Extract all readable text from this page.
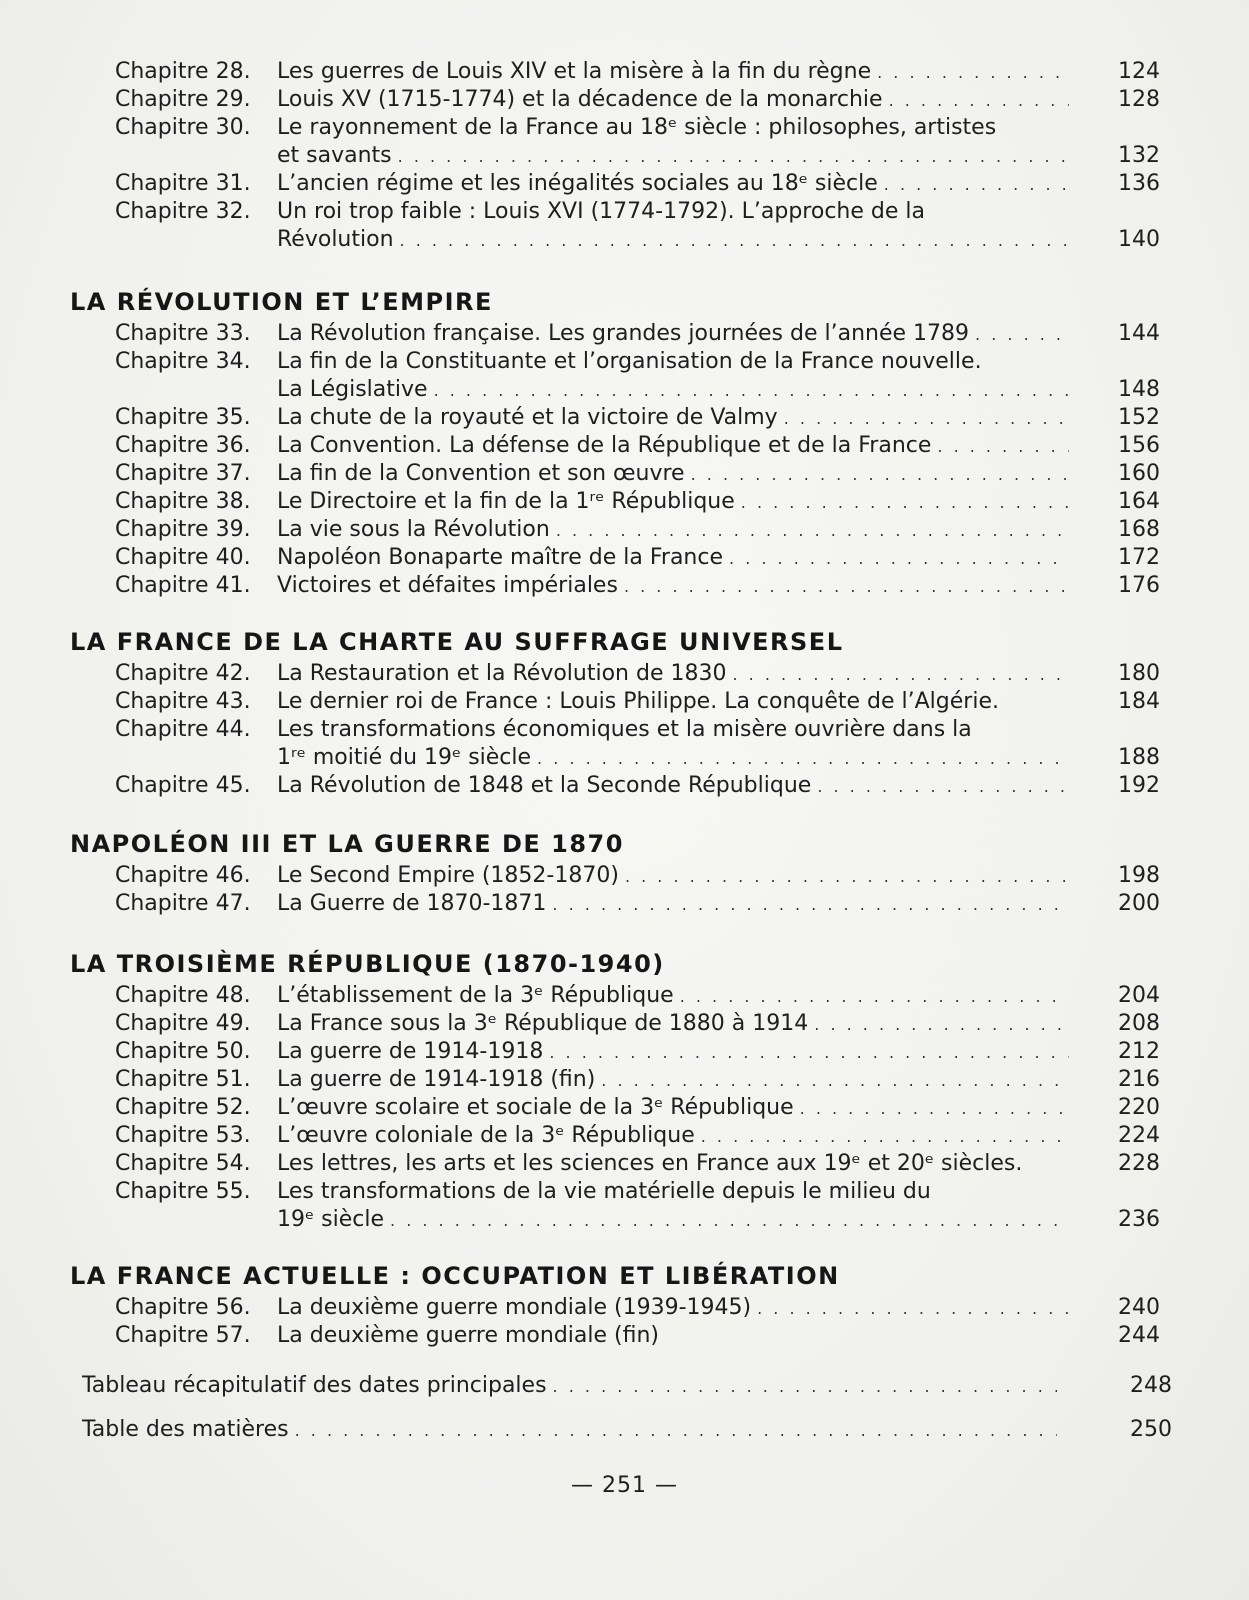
Chapitre 28.	Les guerres de Louis XIV et la misère à la fin du règne . . .	124
Chapitre 29.	Louis XV (1715-1774) et la décadence de la monarchie . . .	128
Chapitre 30.	Le rayonnement de la France au 18ᵉ siècle : philosophes, artistes
et savants . . .	132
Chapitre 31.	L’ancien régime et les inégalités sociales au 18ᵉ siècle . . .	136
Chapitre 32.	Un roi trop faible : Louis XVI (1774-1792). L’approche de la
Révolution . . .	140
LA RÉVOLUTION ET L’EMPIRE
Chapitre 33.	La Révolution française. Les grandes journées de l’année 1789 . . .	144
Chapitre 34.	La fin de la Constituante et l’organisation de la France nouvelle.
La Législative . . .	148
Chapitre 35.	La chute de la royauté et la victoire de Valmy . . .	152
Chapitre 36.	La Convention. La défense de la République et de la France . . .	156
Chapitre 37.	La fin de la Convention et son œuvre . . .	160
Chapitre 38.	Le Directoire et la fin de la 1ʳᵉ République . . .	164
Chapitre 39.	La vie sous la Révolution . . .	168
Chapitre 40.	Napoléon Bonaparte maître de la France . . .	172
Chapitre 41.	Victoires et défaites impériales . . .	176
LA FRANCE DE LA CHARTE AU SUFFRAGE UNIVERSEL
Chapitre 42.	La Restauration et la Révolution de 1830 . . .	180
Chapitre 43.	Le dernier roi de France : Louis Philippe. La conquête de l’Algérie.	184
Chapitre 44.	Les transformations économiques et la misère ouvrière dans la
1ʳᵉ moitié du 19ᵉ siècle . . .	188
Chapitre 45.	La Révolution de 1848 et la Seconde République . . .	192
NAPOLÉON III ET LA GUERRE DE 1870
Chapitre 46.	Le Second Empire (1852-1870) . . .	198
Chapitre 47.	La Guerre de 1870-1871 . . .	200
LA TROISIÈME RÉPUBLIQUE (1870-1940)
Chapitre 48.	L’établissement de la 3ᵉ République . . .	204
Chapitre 49.	La France sous la 3ᵉ République de 1880 à 1914 . . .	208
Chapitre 50.	La guerre de 1914-1918 . . .	212
Chapitre 51.	La guerre de 1914-1918 (fin) . . .	216
Chapitre 52.	L’œuvre scolaire et sociale de la 3ᵉ République . . .	220
Chapitre 53.	L’œuvre coloniale de la 3ᵉ République . . .	224
Chapitre 54.	Les lettres, les arts et les sciences en France aux 19ᵉ et 20ᵉ siècles.	228
Chapitre 55.	Les transformations de la vie matérielle depuis le milieu du
19ᵉ siècle . . .	236
LA FRANCE ACTUELLE : OCCUPATION ET LIBÉRATION
Chapitre 56.	La deuxième guerre mondiale (1939-1945) . . .	240
Chapitre 57.	La deuxième guerre mondiale (fin)	244
Tableau récapitulatif des dates principales . . .	248
Table des matières . . .	250
— 251 —
